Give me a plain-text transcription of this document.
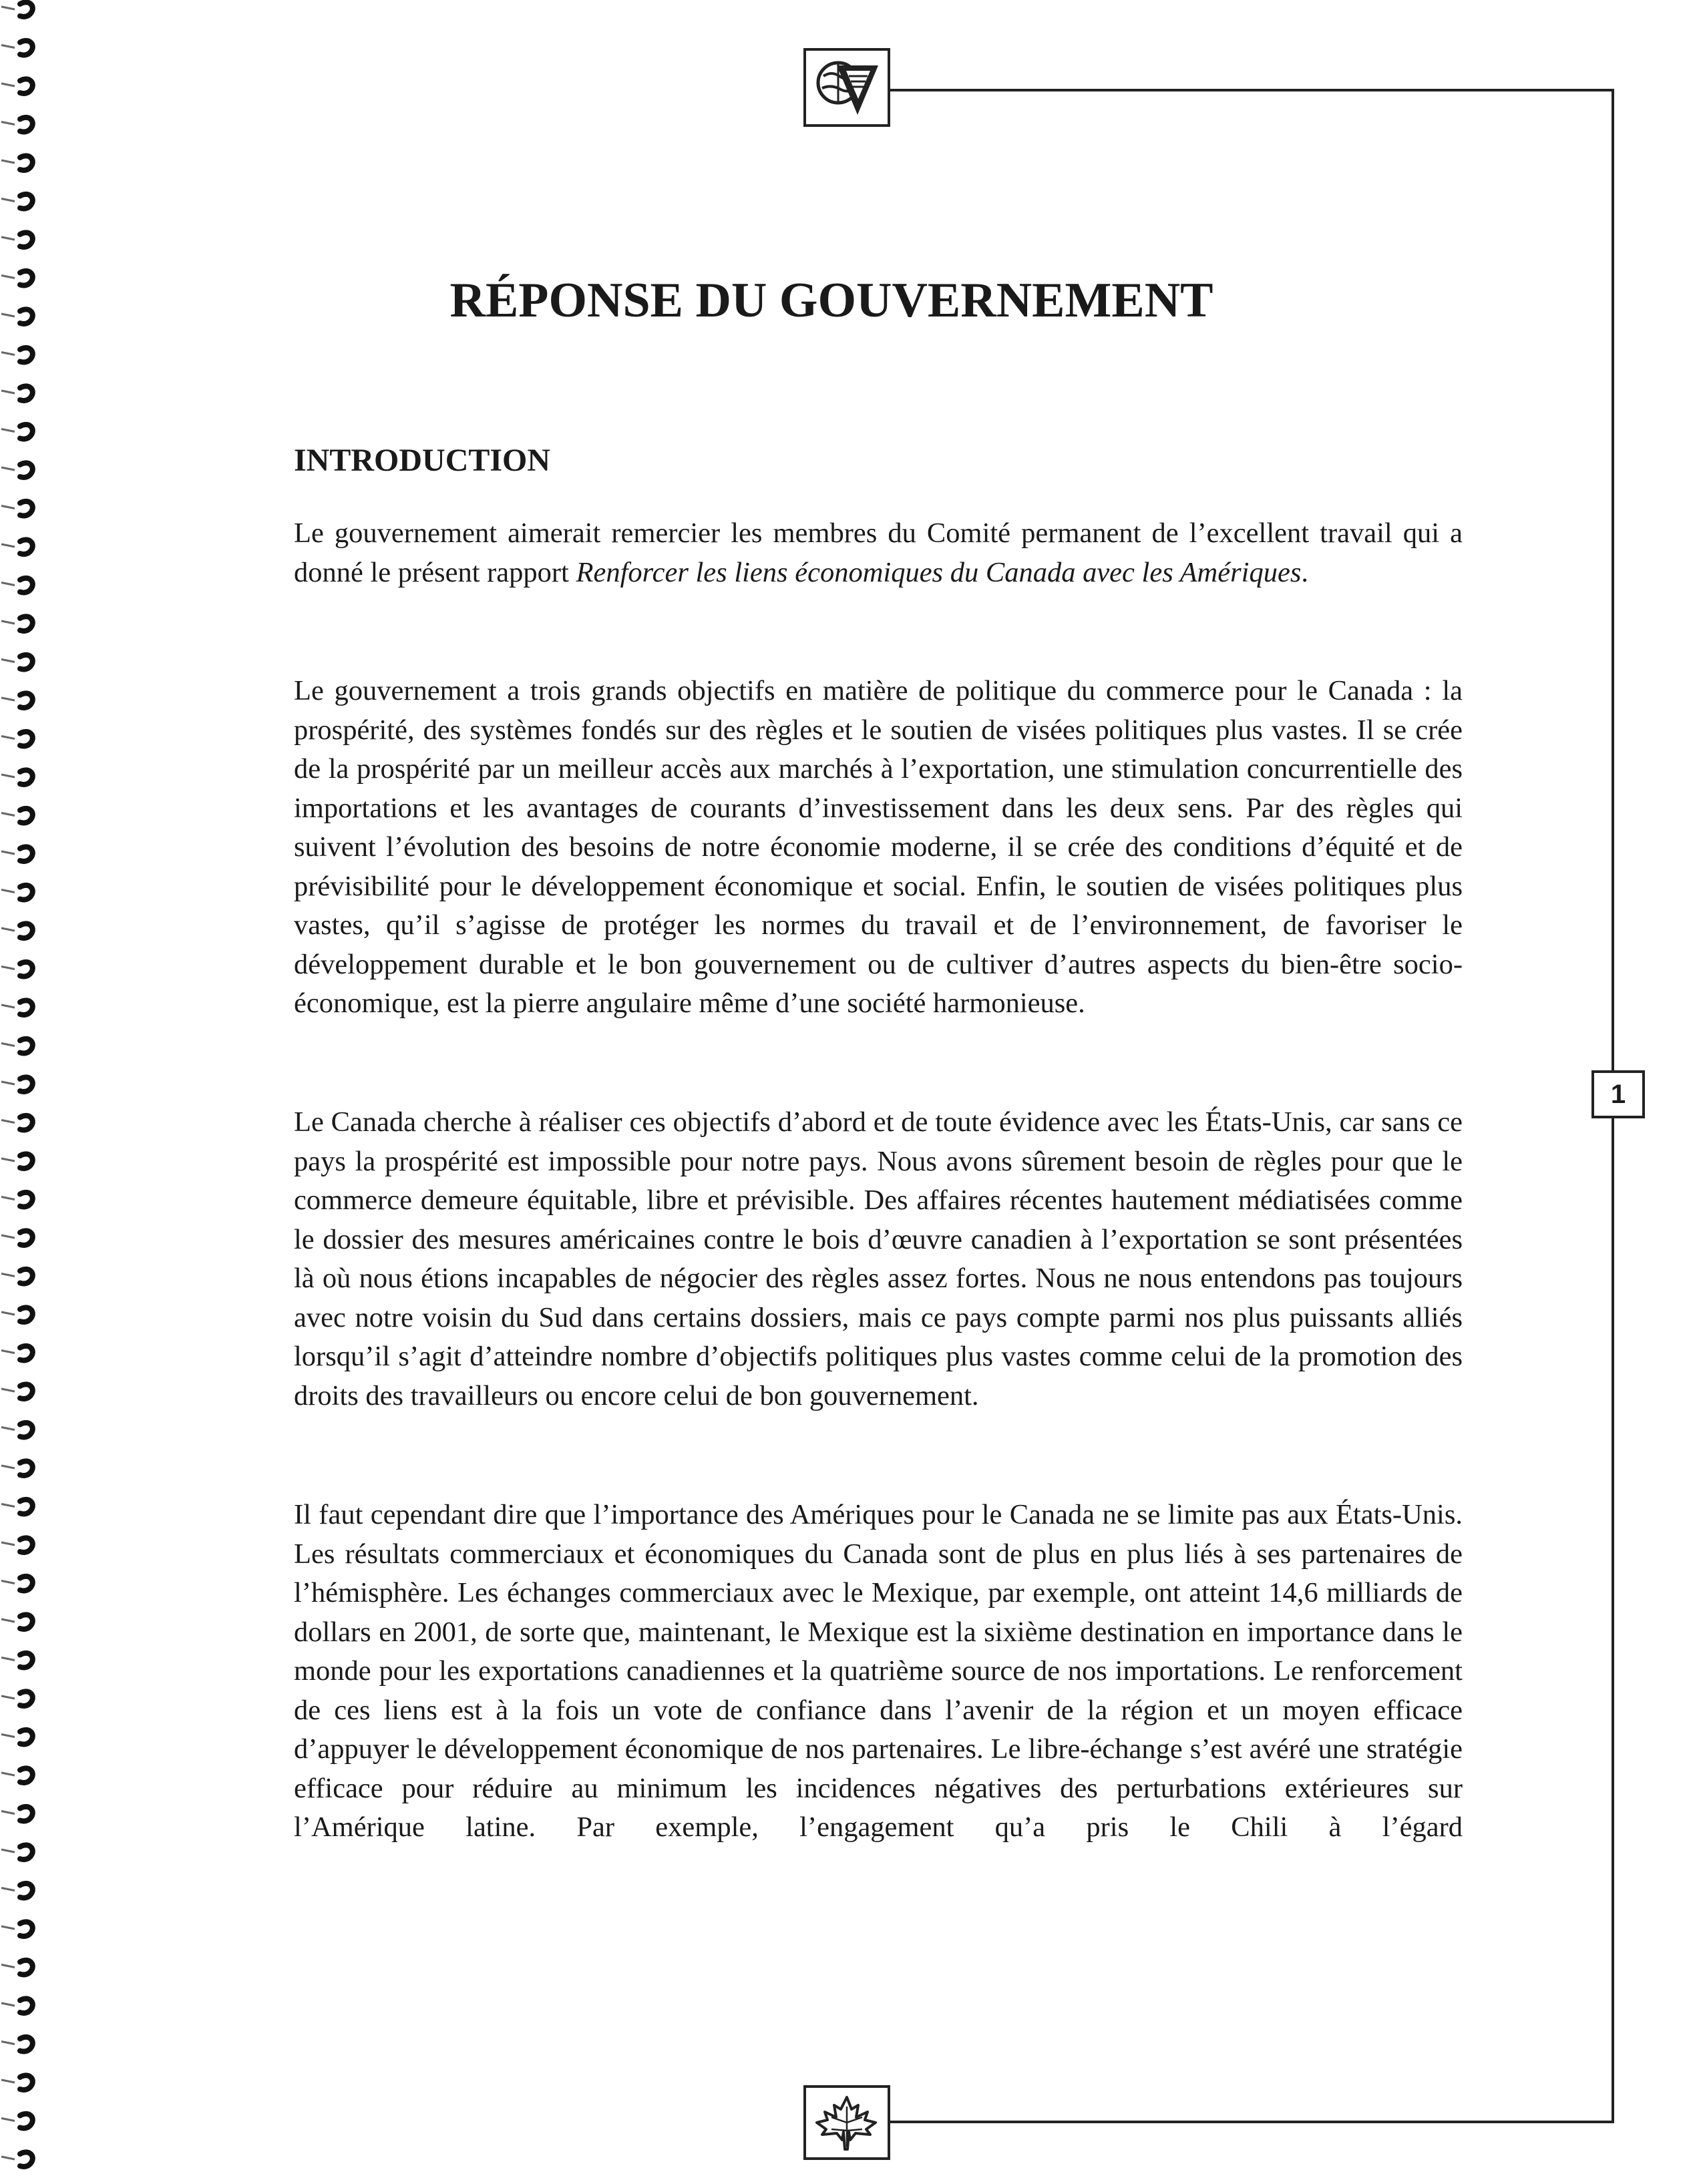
RÉPONSE DU GOUVERNEMENT
INTRODUCTION

Le gouvernement aimerait remercier les membres du Comité permanent de l’excellent travail qui a donné le présent rapport Renforcer les liens économiques du Canada avec les Amériques.

Le gouvernement a trois grands objectifs en matière de politique du commerce pour le Canada : la prospérité, des systèmes fondés sur des règles et le soutien de visées politiques plus vastes. Il se crée de la prospérité par un meilleur accès aux marchés à l’exportation, une stimulation concurrentielle des importations et les avantages de courants d’investissement dans les deux sens. Par des règles qui suivent l’évolution des besoins de notre économie moderne, il se crée des conditions d’équité et de prévisibilité pour le développement économique et social. Enfin, le soutien de visées politiques plus vastes, qu’il s’agisse de protéger les normes du travail et de l’environnement, de favoriser le développement durable et le bon gouvernement ou de cultiver d’autres aspects du bien-être socio-économique, est la pierre angulaire même d’une société harmonieuse.

Le Canada cherche à réaliser ces objectifs d’abord et de toute évidence avec les États-Unis, car sans ce pays la prospérité est impossible pour notre pays. Nous avons sûrement besoin de règles pour que le commerce demeure équitable, libre et prévisible. Des affaires récentes hautement médiatisées comme le dossier des mesures américaines contre le bois d’œuvre canadien à l’exportation se sont présentées là où nous étions incapables de négocier des règles assez fortes. Nous ne nous entendons pas toujours avec notre voisin du Sud dans certains dossiers, mais ce pays compte parmi nos plus puissants alliés lorsqu’il s’agit d’atteindre nombre d’objectifs politiques plus vastes comme celui de la promotion des droits des travailleurs ou encore celui de bon gouvernement.

Il faut cependant dire que l’importance des Amériques pour le Canada ne se limite pas aux États-Unis. Les résultats commerciaux et économiques du Canada sont de plus en plus liés à ses partenaires de l’hémisphère. Les échanges commerciaux avec le Mexique, par exemple, ont atteint 14,6 milliards de dollars en 2001, de sorte que, maintenant, le Mexique est la sixième destination en importance dans le monde pour les exportations canadiennes et la quatrième source de nos importations. Le renforcement de ces liens est à la fois un vote de confiance dans l’avenir de la région et un moyen efficace d’appuyer le développement économique de nos partenaires. Le libre-échange s’est avéré une stratégie efficace pour réduire au minimum les incidences négatives des perturbations extérieures sur l’Amérique latine. Par exemple, l’engagement qu’a pris le Chili à l’égard

1
